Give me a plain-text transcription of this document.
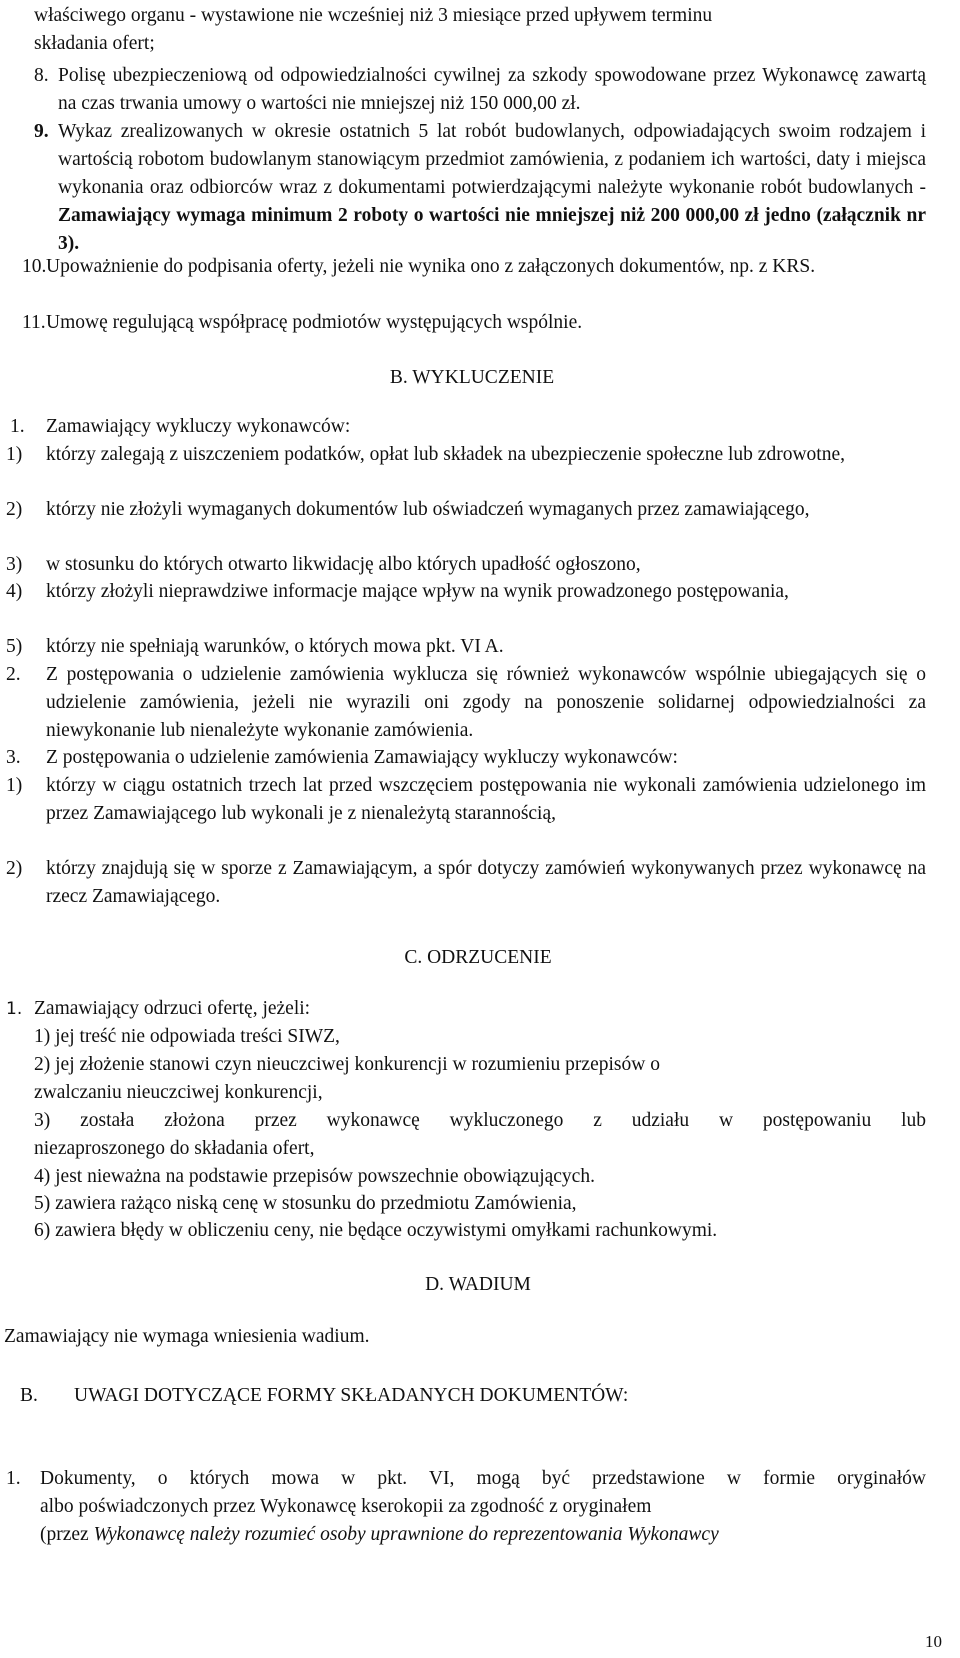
właściwego organu - wystawione nie wcześniej niż 3 miesiące przed upływem terminu
składania ofert;
8. Polisę ubezpieczeniową od odpowiedzialności cywilnej za szkody spowodowane przez Wykonawcę zawartą na czas trwania umowy o wartości nie mniejszej niż 150 000,00 zł.
9. Wykaz zrealizowanych w okresie ostatnich 5 lat robót budowlanych, odpowiadających swoim rodzajem i wartością robotom budowlanym stanowiącym przedmiot zamówienia, z podaniem ich wartości, daty i miejsca wykonania oraz odbiorców wraz z dokumentami potwierdzającymi należyte wykonanie robót budowlanych - Zamawiający wymaga minimum 2 roboty o wartości nie mniejszej niż 200 000,00 zł jedno (załącznik nr 3).
10. Upoważnienie do podpisania oferty, jeżeli nie wynika ono z załączonych dokumentów, np. z KRS.
11. Umowę regulującą współpracę podmiotów występujących wspólnie.
B. WYKLUCZENIE
1. Zamawiający wykluczy wykonawców:
1) którzy zalegają z uiszczeniem podatków, opłat lub składek na ubezpieczenie społeczne lub zdrowotne,
2) którzy nie złożyli wymaganych dokumentów lub oświadczeń wymaganych przez zamawiającego,
3) w stosunku do których otwarto likwidację albo których upadłość ogłoszono,
4) którzy złożyli nieprawdziwe informacje mające wpływ na wynik prowadzonego postępowania,
5) którzy nie spełniają warunków, o których mowa pkt. VI A.
2. Z postępowania o udzielenie zamówienia wyklucza się również wykonawców wspólnie ubiegających się o udzielenie zamówienia, jeżeli nie wyrazili oni zgody na ponoszenie solidarnej odpowiedzialności za niewykonanie lub nienależyte wykonanie zamówienia.
3. Z postępowania o udzielenie zamówienia Zamawiający wykluczy wykonawców:
1) którzy w ciągu ostatnich trzech lat przed wszczęciem postępowania nie wykonali zamówienia udzielonego im przez Zamawiającego lub wykonali je z nienależytą starannością,
2) którzy znajdują się w sporze z Zamawiającym, a spór dotyczy zamówień wykonywanych przez wykonawcę na rzecz Zamawiającego.
C. ODRZUCENIE
1. Zamawiający odrzuci ofertę, jeżeli:
1) jej treść nie odpowiada treści SIWZ,
2) jej złożenie stanowi czyn nieuczciwej konkurencji w rozumieniu przepisów o
zwalczaniu nieuczciwej konkurencji,
3) została złożona przez wykonawcę wykluczonego z udziału w postępowaniu lub
niezaproszonego do składania ofert,
4) jest nieważna na podstawie przepisów powszechnie obowiązujących.
5) zawiera rażąco niską cenę w stosunku do przedmiotu Zamówienia,
6) zawiera błędy w obliczeniu ceny, nie będące oczywistymi omyłkami rachunkowymi.
D. WADIUM
Zamawiający nie wymaga wniesienia wadium.
B. UWAGI DOTYCZĄCE FORMY SKŁADANYCH DOKUMENTÓW:
1. Dokumenty, o których mowa w pkt. VI, mogą być przedstawione w formie oryginałów
albo poświadczonych przez Wykonawcę kserokopii za zgodność z oryginałem
(przez Wykonawcę należy rozumieć osoby uprawnione do reprezentowania Wykonawcy
10
